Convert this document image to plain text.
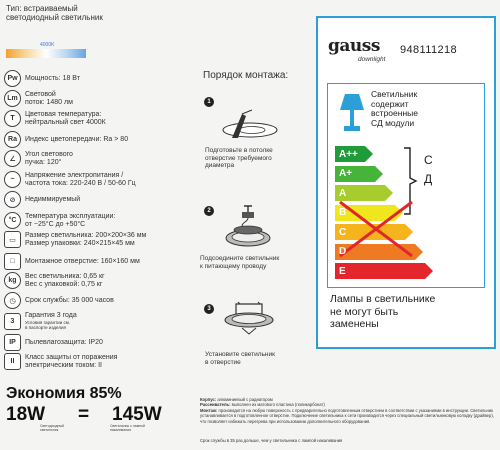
Тип: встраиваемый
светодиодный светильник
4000K
Pw	Мощность: 18 Вт
Lm
Световой
поток: 1480 лм
T
Цветовая температура:
нейтральный свет 4000К
Ra	Индекс цветопередачи: Ra > 80
∠
Угол светового
пучка: 120°
~
Напряжение электропитания /
частота тока: 220-240 В / 50-60 Гц
⊘	Недиммируемый
°C
Температура эксплуатации:
от −25°С до +50°С
▭
Размер светильника: 200×200×36 мм
Размер упаковки: 240×215×45 мм
□	Монтажное отверстие: 160×160 мм
kg
Вес светильника: 0,65 кг
Вес с упаковкой: 0,75 кг
◷	Срок службы: 35 000 часов
3
Гарантия 3 года
Условия гарантии см.
в паспорте изделия
IP	Пылевлагозащита: IP20
II
Класс защиты от поражения
электрическим током: II
Экономия 85%
18W = 145W
Светодиодный
светильник
Светильник с лампой
накаливания
Порядок монтажа:
1
Подготовьте в потолке
отверстие требуемого
диаметра
2
Подсоедините светильник
к питающему проводу
3
Установите светильник
в отверстие
gauss
downlight
948111218
Светильник
содержит
встроенные
СД модули
A++
A+
A
B
C
D
E
С
Д
Лампы в светильнике
не могут быть
заменены
Корпус: алюминиевый с радиатором
Рассеиватель: выполнен из матового пластика (поликарбонат)
Монтаж: производится на любую поверхность с предварительно подготовленным отверстием в соответствии с указаниями в инструкции. Светильник устанавливается в подготовленное отверстие. Подключение светильника к сети производится через специальный светильниковую колодку (драйвер), что позволяет избежать перегрева при использовании дополнительного оборудования.
Срок службы в 35 раз дольше, чем у светильника с лампой накаливания
